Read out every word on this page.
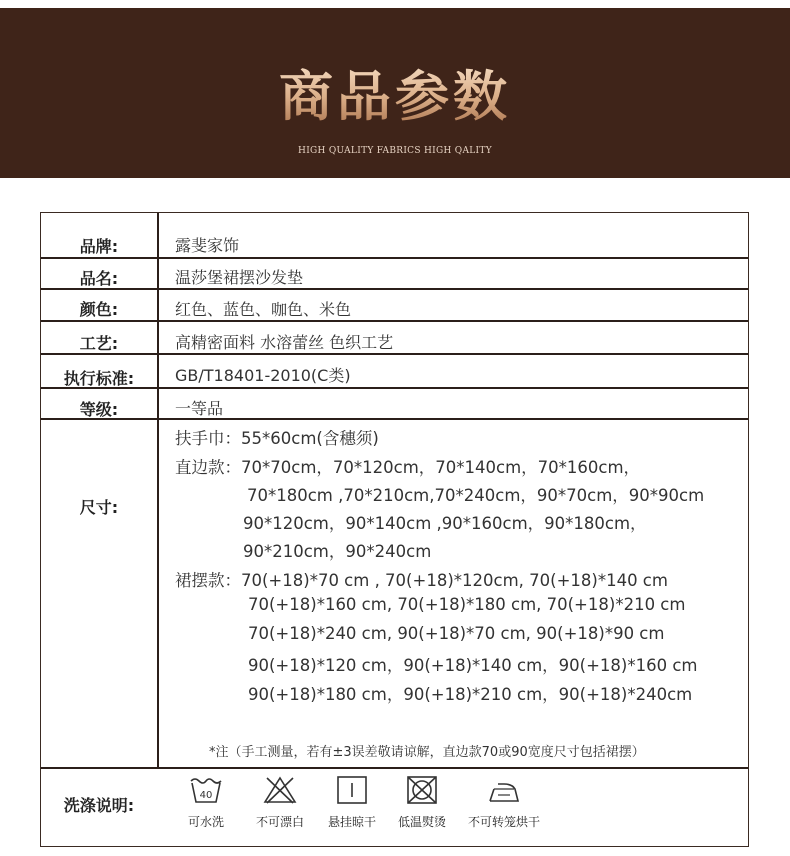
商品参数
HIGH QUALITY FABRICS HIGH QALITY
品牌:	露斐家饰
品名:	温莎堡裙摆沙发垫
颜色:	红色、蓝色、咖色、米色
工艺:	高精密面料 水溶蕾丝 色织工艺
执行标准:	GB/T18401-2010(C类)
等级:	一等品
尺寸:
扶手巾：55*60cm(含穗须)
直边款：70*70cm，70*120cm，70*140cm，70*160cm，
70*180cm ,70*210cm,70*240cm，90*70cm，90*90cm
90*120cm，90*140cm ,90*160cm，90*180cm，
90*210cm，90*240cm
裙摆款：70(+18)*70 cm , 70(+18)*120cm, 70(+18)*140 cm
70(+18)*160 cm, 70(+18)*180 cm, 70(+18)*210 cm
70(+18)*240 cm, 90(+18)*70 cm, 90(+18)*90 cm
90(+18)*120 cm，90(+18)*140 cm，90(+18)*160 cm
90(+18)*180 cm，90(+18)*210 cm，90(+18)*240cm
*注（手工测量，若有±3误差敬请谅解，直边款70或90宽度尺寸包括裙摆）
洗涤说明:
40
可水洗	不可漂白	悬挂晾干	低温熨烫	不可转笼烘干
